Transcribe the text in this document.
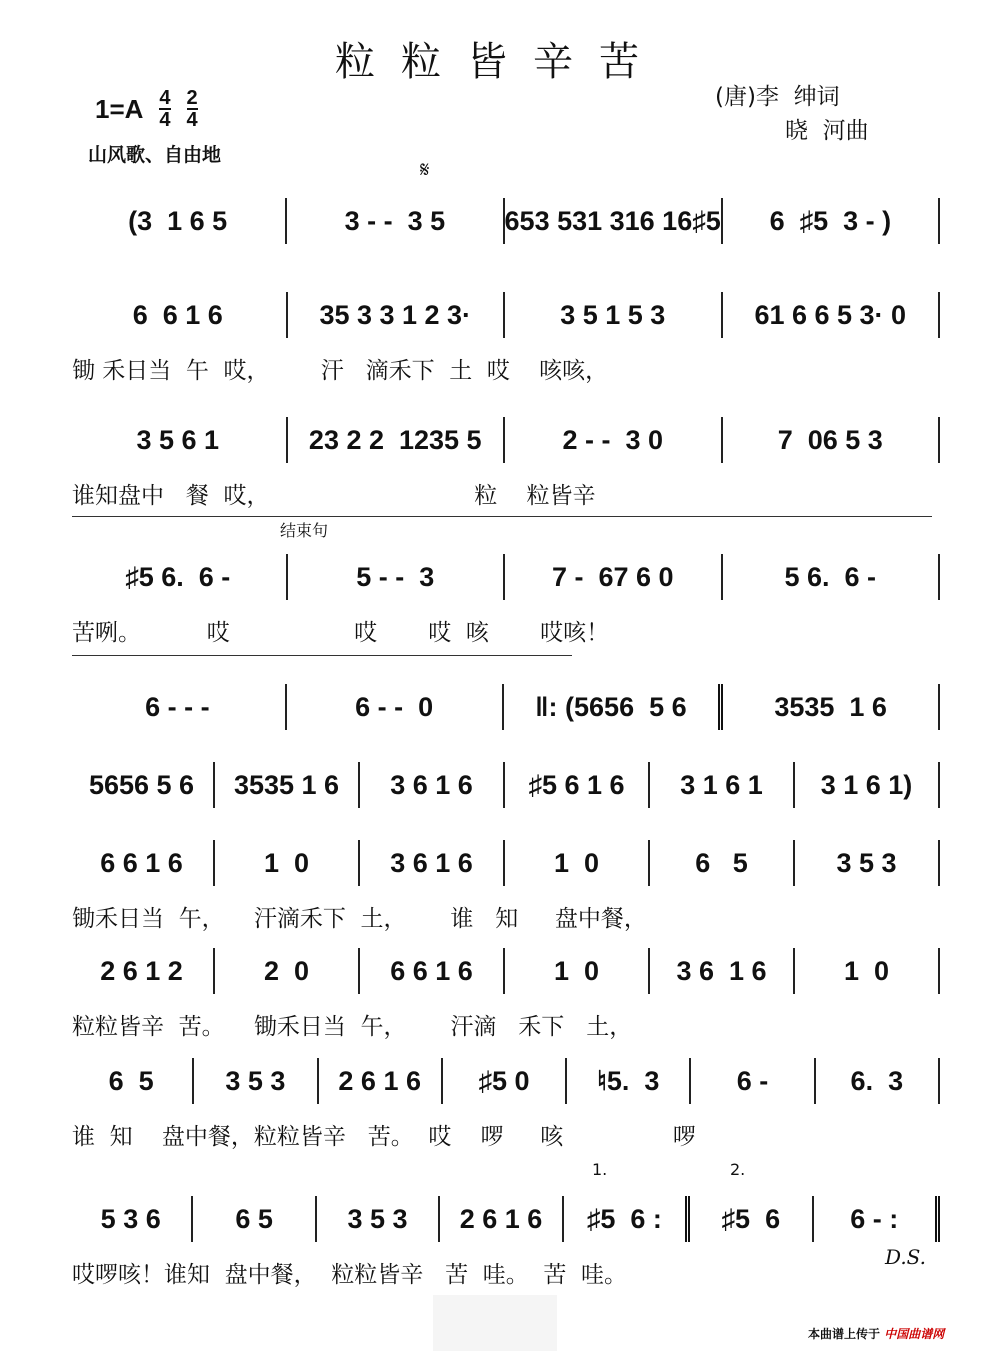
粒粒皆辛苦
$1=A \frac{4}{4} \frac{2}{4}$
山风歌、自由地
(唐)李  绅词
晓  河曲
𝄋
结束句
1.	2.
(3  1 6 5	3 - -  3 5	653 531 316 16♯5	6  ♯5  3 - )
6  6 1 6	35 3 3 1 2 3·	3 5 1 5 3	61 6 6 5 3· 0
锄 禾日当  午  哎，       汗   滴禾下  土  哎    咳咳，
3 5 6 1	23 2 2  1235 5	2 - -  3 0	7  06 5 3
谁知盘中   餐  哎，                            粒    粒皆辛
♯5 6.  6 -	5 - -  3	7 -  67 6 0	5 6.  6 -
苦咧。         哎                 哎       哎  咳       哎咳！
6 - - -	6 - -  0	‖: (5656  5 6	3535  1 6
5656 5 6	3535 1 6	3 6 1 6	♯5 6 1 6	3 1 6 1	3 1 6 1)
6 6 1 6	1  0	3 6 1 6	1  0	6   5	3 5 3
锄禾日当  午，    汗滴禾下  土，      谁   知     盘中餐，
2 6 1 2	2  0	6 6 1 6	1  0	3 6  1 6	1  0
粒粒皆辛  苦。    锄禾日当  午，      汗滴   禾下   土，
6  5	3 5 3	2 6 1 6	♯5 0	♮5.  3	6 -	6.  3
谁  知    盘中餐，粒粒皆辛   苦。  哎    啰     咳               啰
5 3 6	6 5	3 5 3	2 6 1 6	♯5  6 :	♯5  6	6 - :
哎啰咳！谁知  盘中餐，  粒粒皆辛   苦  哇。  苦  哇。
D.S.
本曲谱上传于 中国曲谱网
